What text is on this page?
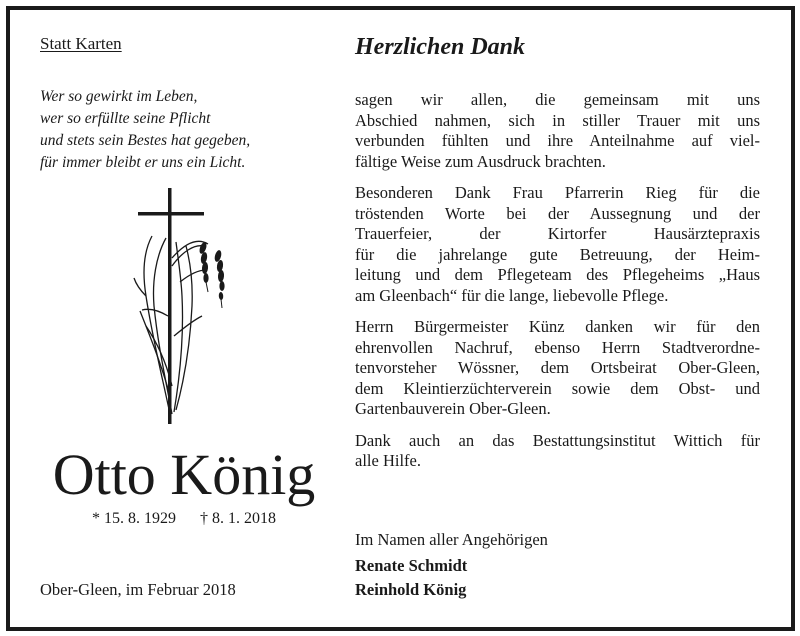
Statt Karten
Wer so gewirkt im Leben,
wer so erfüllte seine Pflicht
und stets sein Bestes hat gegeben,
für immer bleibt er uns ein Licht.
Otto König
* 15. 8. 1929 † 8. 1. 2018
Ober-Gleen, im Februar 2018
Herzlichen Dank

sagen wir allen, die gemeinsam mit uns
Abschied nahmen, sich in stiller Trauer mit uns
verbunden fühlten und ihre Anteilnahme auf viel-
fältige Weise zum Ausdruck brachten.

Besonderen Dank Frau Pfarrerin Rieg für die
tröstenden Worte bei der Aussegnung und der
Trauerfeier, der Kirtorfer Hausärztepraxis
für die jahrelange gute Betreuung, der Heim-
leitung und dem Pflegeteam des Pflegeheims „Haus
am Gleenbach“ für die lange, liebevolle Pflege.

Herrn Bürgermeister Künz danken wir für den
ehrenvollen Nachruf, ebenso Herrn Stadtverordne-
tenvorsteher Wössner, dem Ortsbeirat Ober-Gleen,
dem Kleintierzüchterverein sowie dem Obst- und
Gartenbauverein Ober-Gleen.

Dank auch an das Bestattungsinstitut Wittich für
alle Hilfe.

Im Namen aller Angehörigen
Renate Schmidt
Reinhold König
